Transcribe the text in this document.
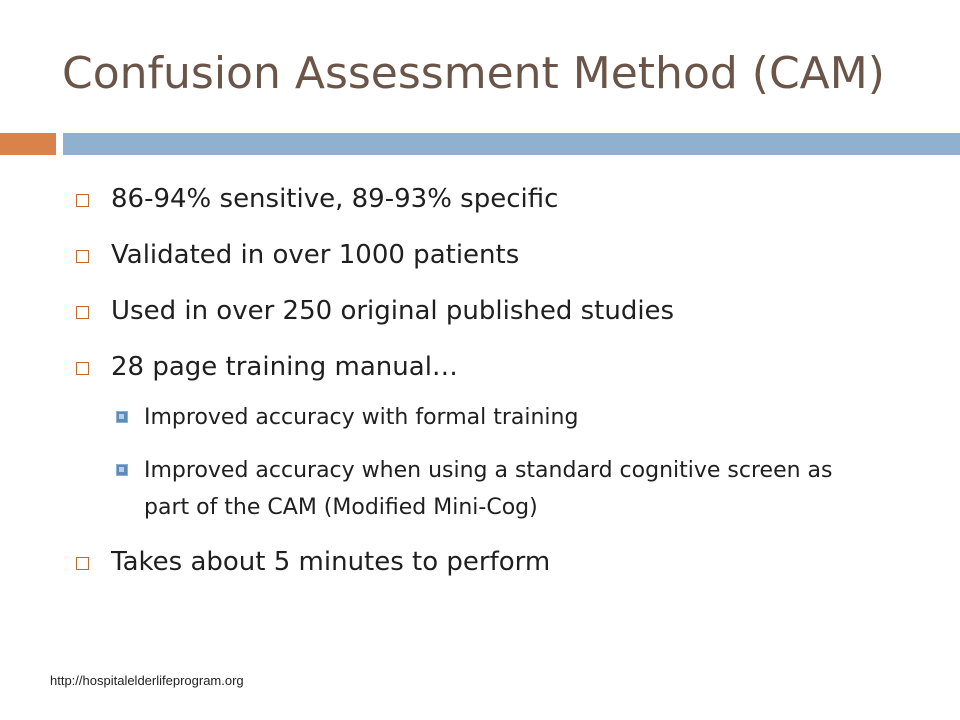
Confusion Assessment Method (CAM)
86-94% sensitive, 89-93% specific
Validated in over 1000 patients
Used in over 250 original published studies
28 page training manual…
Improved accuracy with formal training
Improved accuracy when using a standard cognitive screen as part of the CAM (Modified Mini-Cog)
Takes about 5 minutes to perform
http://hospitalelderlifeprogram.org
